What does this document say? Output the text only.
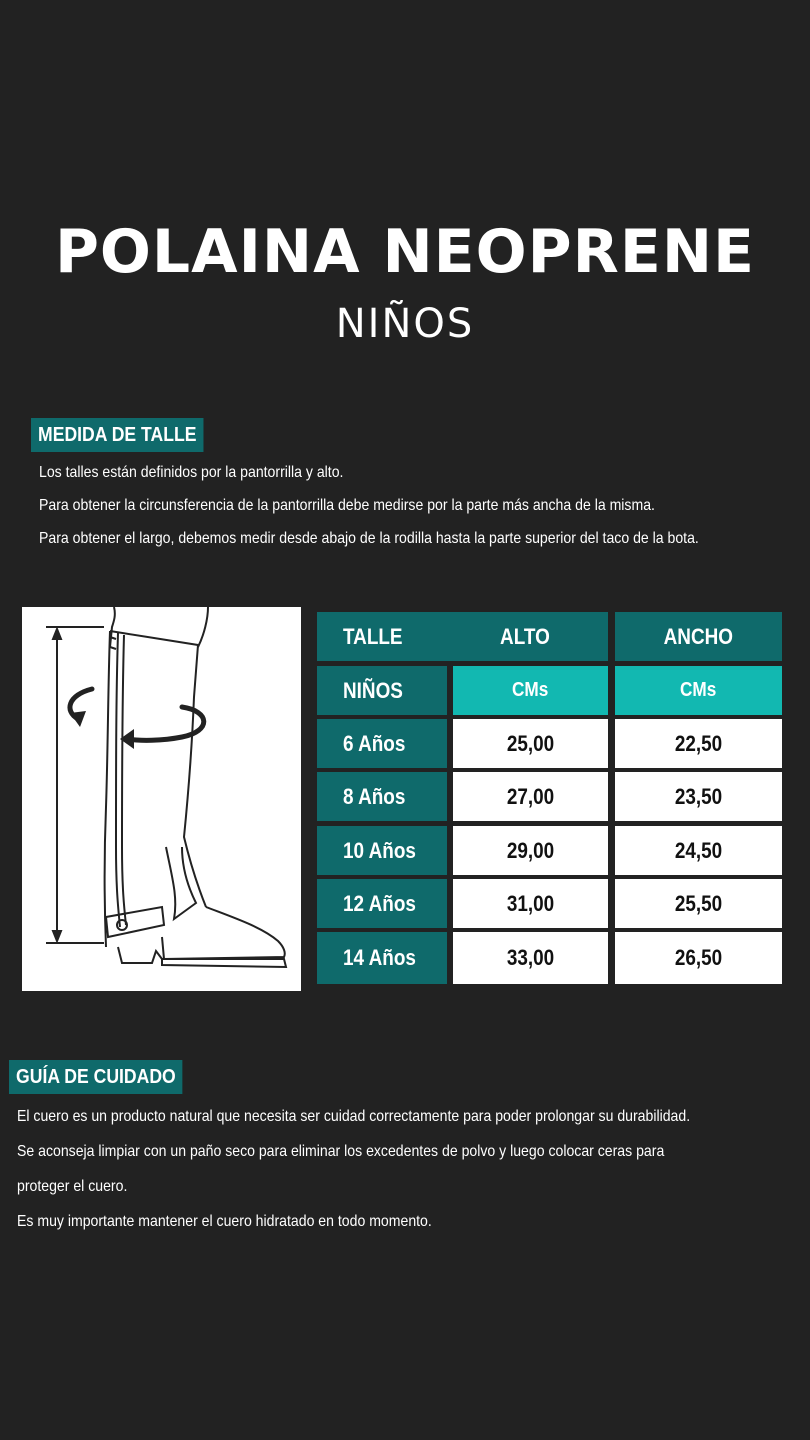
POLAINA NEOPRENE
NIÑOS
MEDIDA DE TALLE
Los talles están definidos por la pantorrilla y alto.
Para obtener la circunsferencia de la pantorrilla debe medirse por la parte más ancha de la misma.
Para obtener el largo, debemos medir desde abajo de la rodilla hasta la parte superior del taco de la bota.
TALLE	ALTO	ANCHO
NIÑOS	CMs	CMs
6 Años	25,00	22,50
8 Años	27,00	23,50
10 Años	29,00	24,50
12 Años	31,00	25,50
14 Años	33,00	26,50
GUÍA DE CUIDADO
El cuero es un producto natural que necesita ser cuidad correctamente para poder prolongar su durabilidad.
Se aconseja limpiar con un paño seco para eliminar los excedentes de polvo y luego colocar ceras para
proteger el cuero.
Es muy importante mantener el cuero hidratado en todo momento.
